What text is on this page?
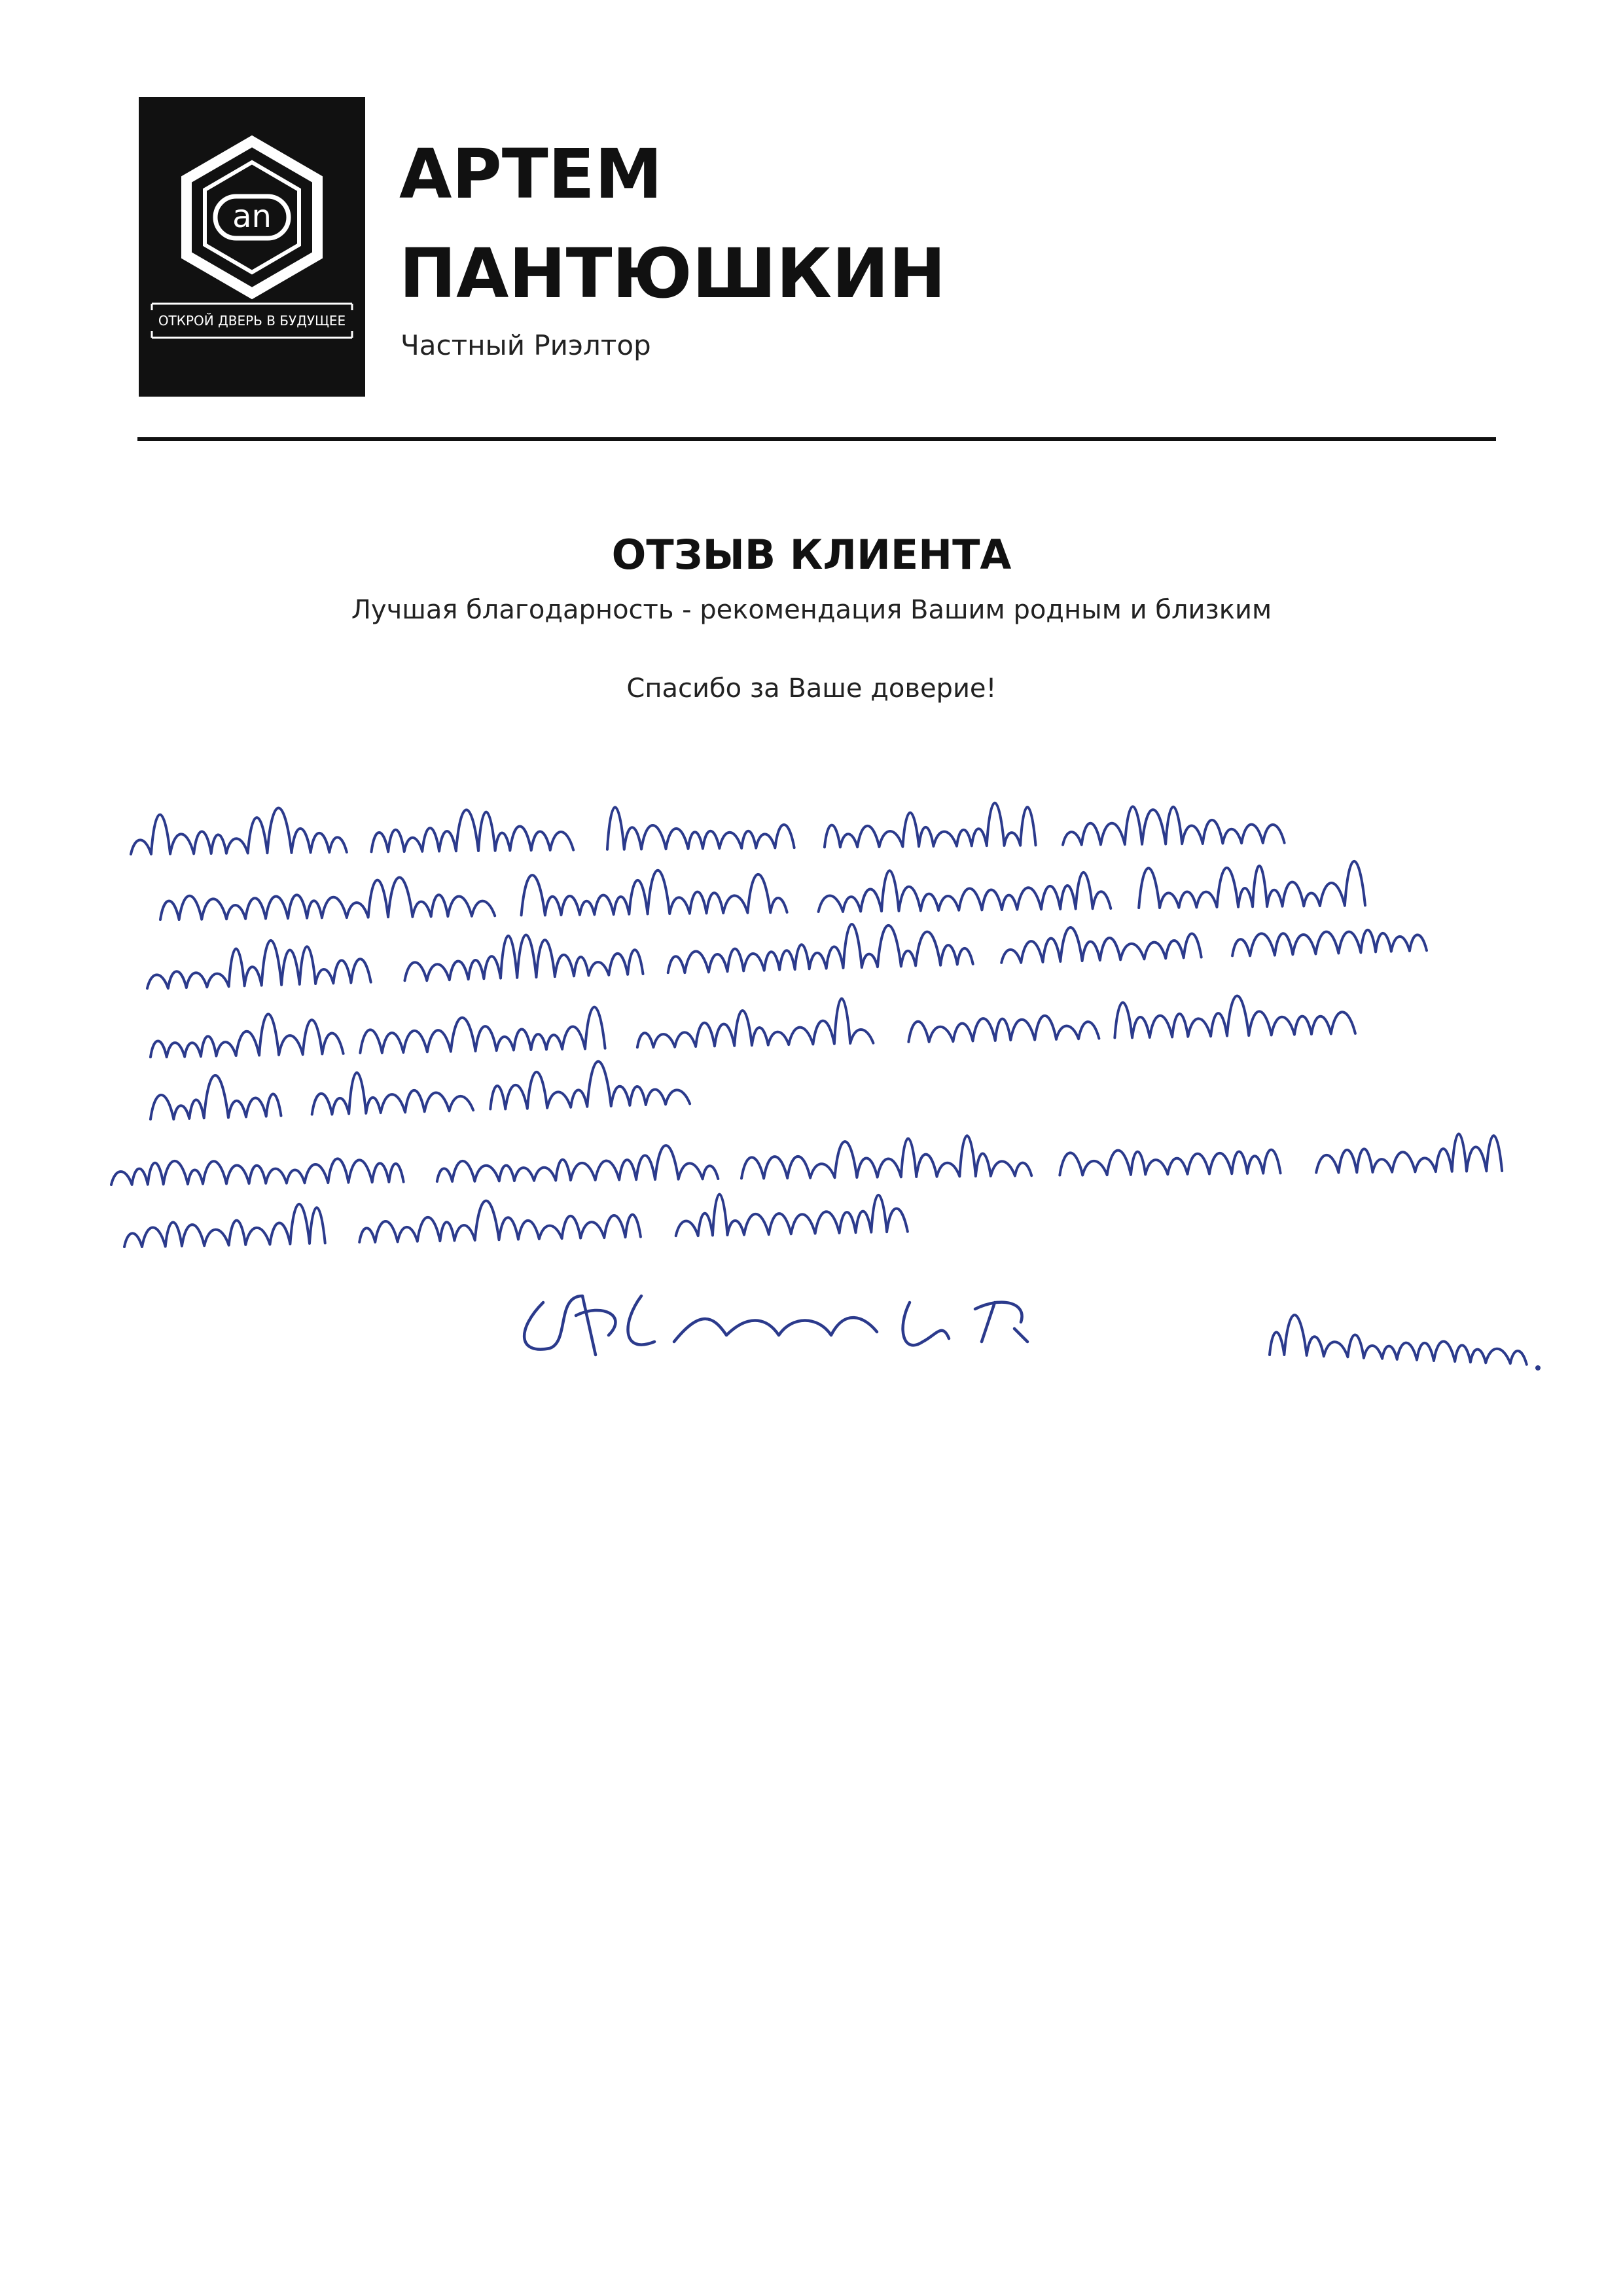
an
ОТКРОЙ ДВЕРЬ В БУДУЩЕЕ
АРТЕМ
ПАНТЮШКИН
Частный Риэлтор
ОТЗЫВ КЛИЕНТА
Лучшая благодарность - рекомендация Вашим родным и близким
Спасибо за Ваше доверие!
